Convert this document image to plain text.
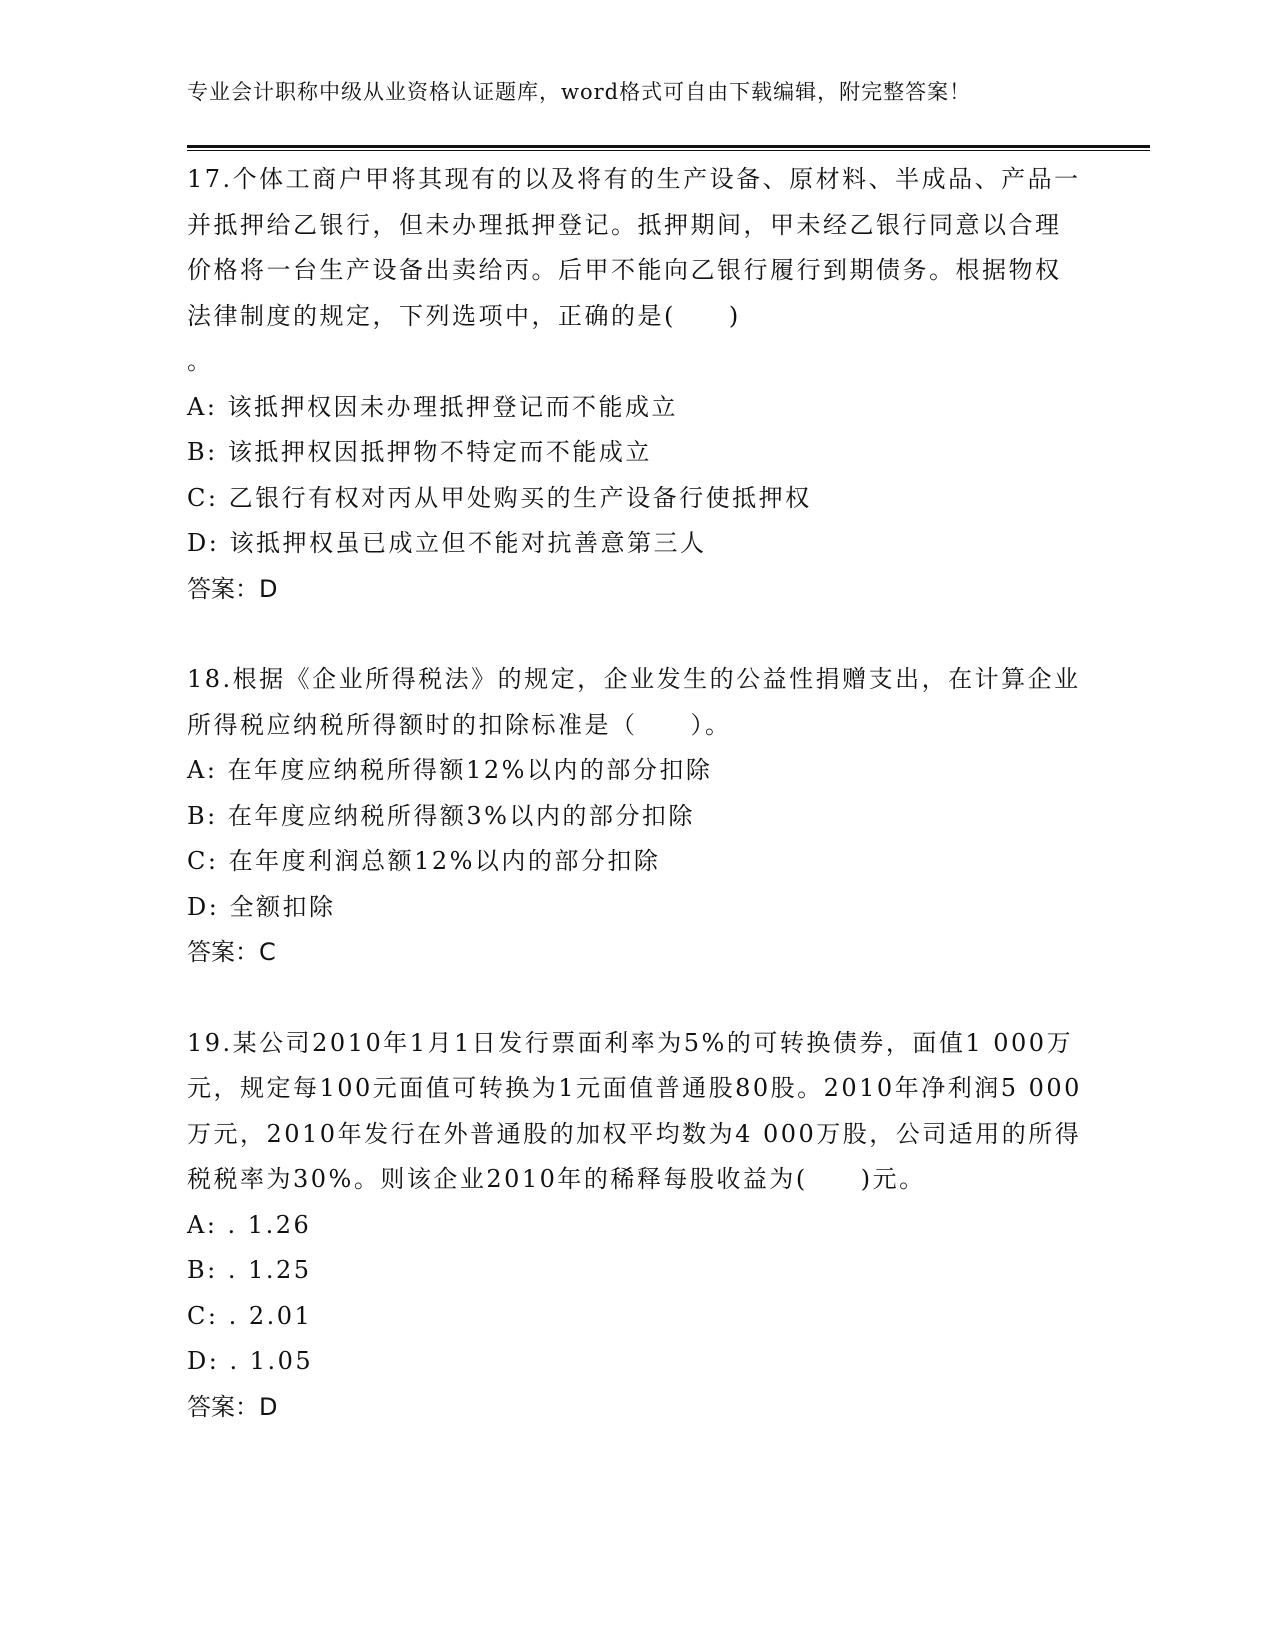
专业会计职称中级从业资格认证题库，word格式可自由下载编辑，附完整答案！

17.个体工商户甲将其现有的以及将有的生产设备、原材料、半成品、产品一并抵押给乙银行，但未办理抵押登记。抵押期间，甲未经乙银行同意以合理价格将一台生产设备出卖给丙。后甲不能向乙银行履行到期债务。根据物权法律制度的规定，下列选项中，正确的是(　　)
。

A: 该抵押权因未办理抵押登记而不能成立

B: 该抵押权因抵押物不特定而不能成立

C: 乙银行有权对丙从甲处购买的生产设备行使抵押权

D: 该抵押权虽已成立但不能对抗善意第三人

答案：D

18.根据《企业所得税法》的规定，企业发生的公益性捐赠支出，在计算企业所得税应纳税所得额时的扣除标准是（　　）。

A: 在年度应纳税所得额12%以内的部分扣除

B: 在年度应纳税所得额3%以内的部分扣除

C: 在年度利润总额12%以内的部分扣除

D: 全额扣除

答案：C

19.某公司2010年1月1日发行票面利率为5%的可转换债券，面值1 000万元，规定每100元面值可转换为1元面值普通股80股。2010年净利润5 000万元，2010年发行在外普通股的加权平均数为4 000万股，公司适用的所得税税率为30%。则该企业2010年的稀释每股收益为(　　)元。

A: . 1.26

B: . 1.25

C: . 2.01

D: . 1.05

答案：D
